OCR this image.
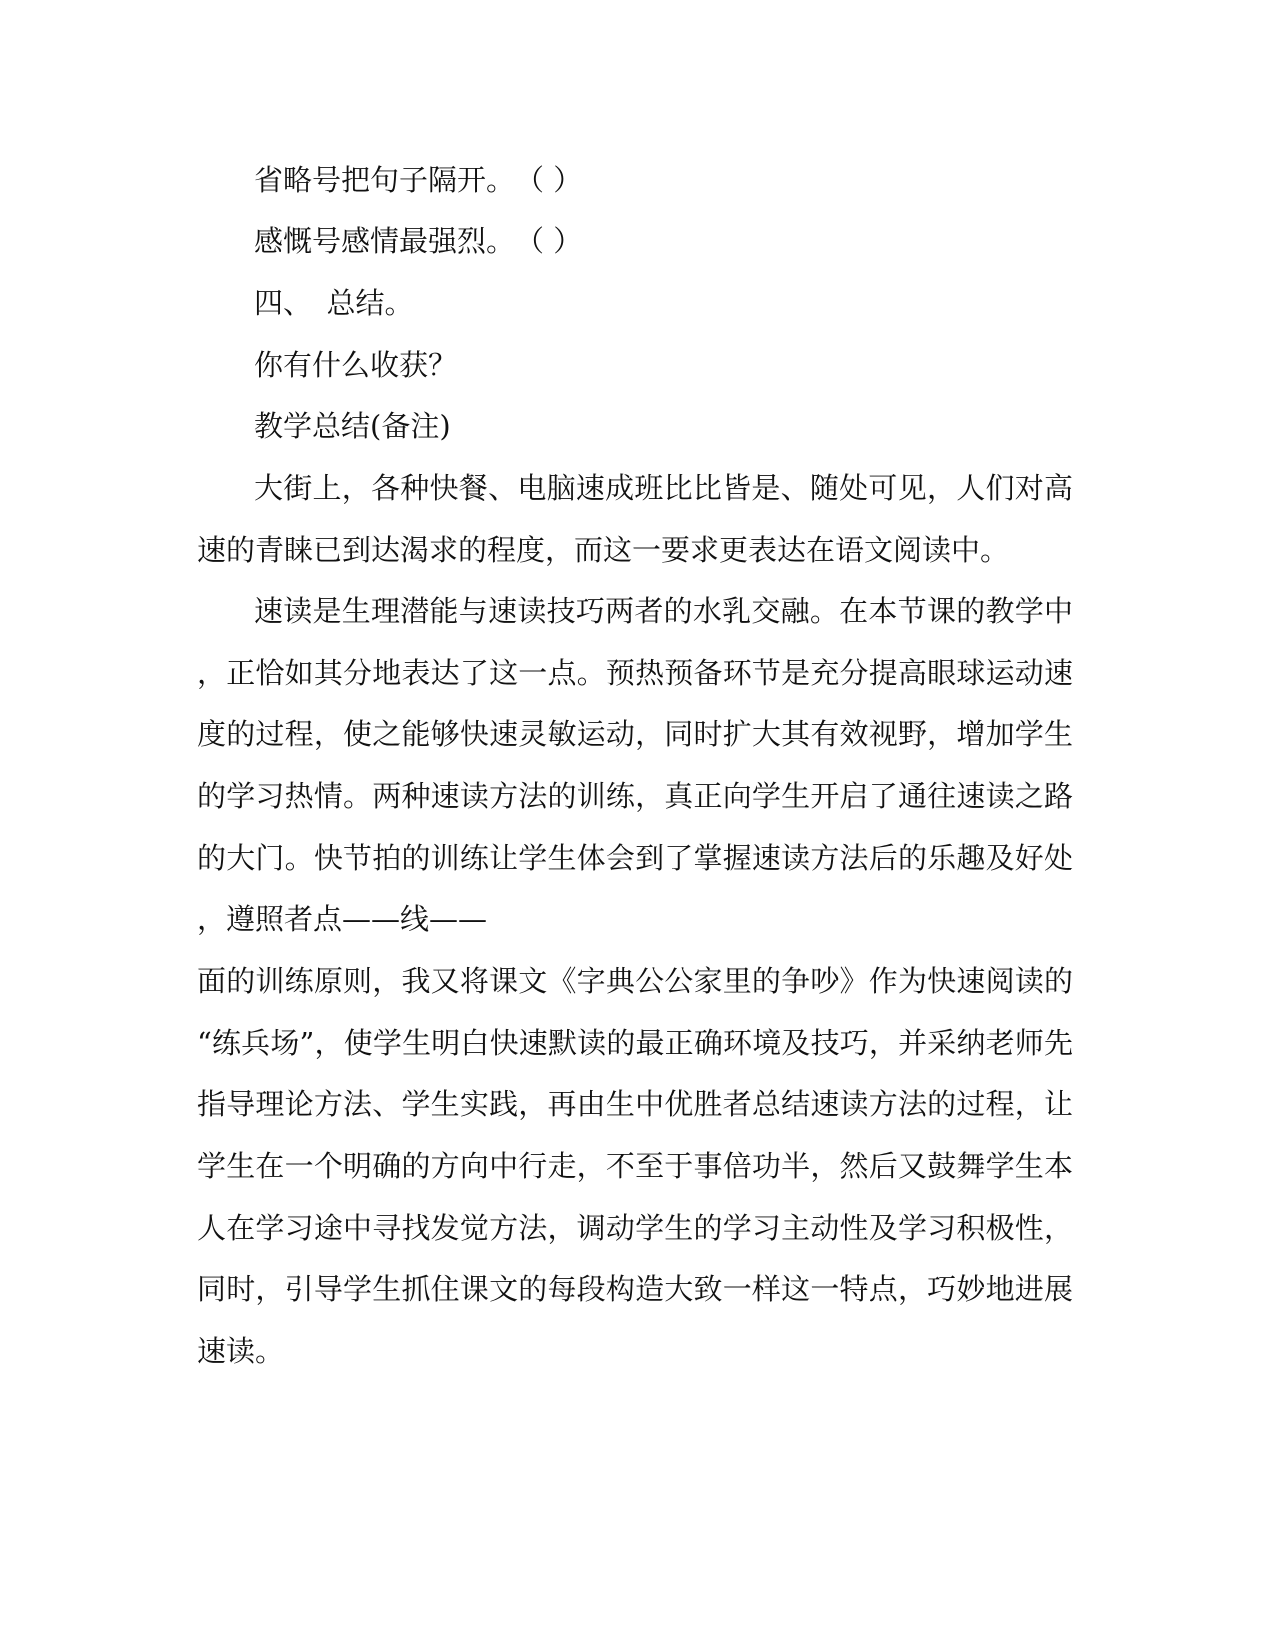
省略号把句子隔开。　（ ）
感慨号感情最强烈。　（ ）
四、　总结。
你有什么收获？
教学总结(备注)
大街上，各种快餐、电脑速成班比比皆是、随处可见，人们对高
速的青睐已到达渴求的程度，而这一要求更表达在语文阅读中。
速读是生理潜能与速读技巧两者的水乳交融。在本节课的教学中
，正恰如其分地表达了这一点。预热预备环节是充分提高眼球运动速
度的过程，使之能够快速灵敏运动，同时扩大其有效视野，增加学生
的学习热情。两种速读方法的训练，真正向学生开启了通往速读之路
的大门。快节拍的训练让学生体会到了掌握速读方法后的乐趣及好处
，遵照者点——线——
面的训练原则，我又将课文《字典公公家里的争吵》作为快速阅读的
“练兵场”，使学生明白快速默读的最正确环境及技巧，并采纳老师先
指导理论方法、学生实践，再由生中优胜者总结速读方法的过程，让
学生在一个明确的方向中行走，不至于事倍功半，然后又鼓舞学生本
人在学习途中寻找发觉方法，调动学生的学习主动性及学习积极性，
同时，引导学生抓住课文的每段构造大致一样这一特点，巧妙地进展
速读。
